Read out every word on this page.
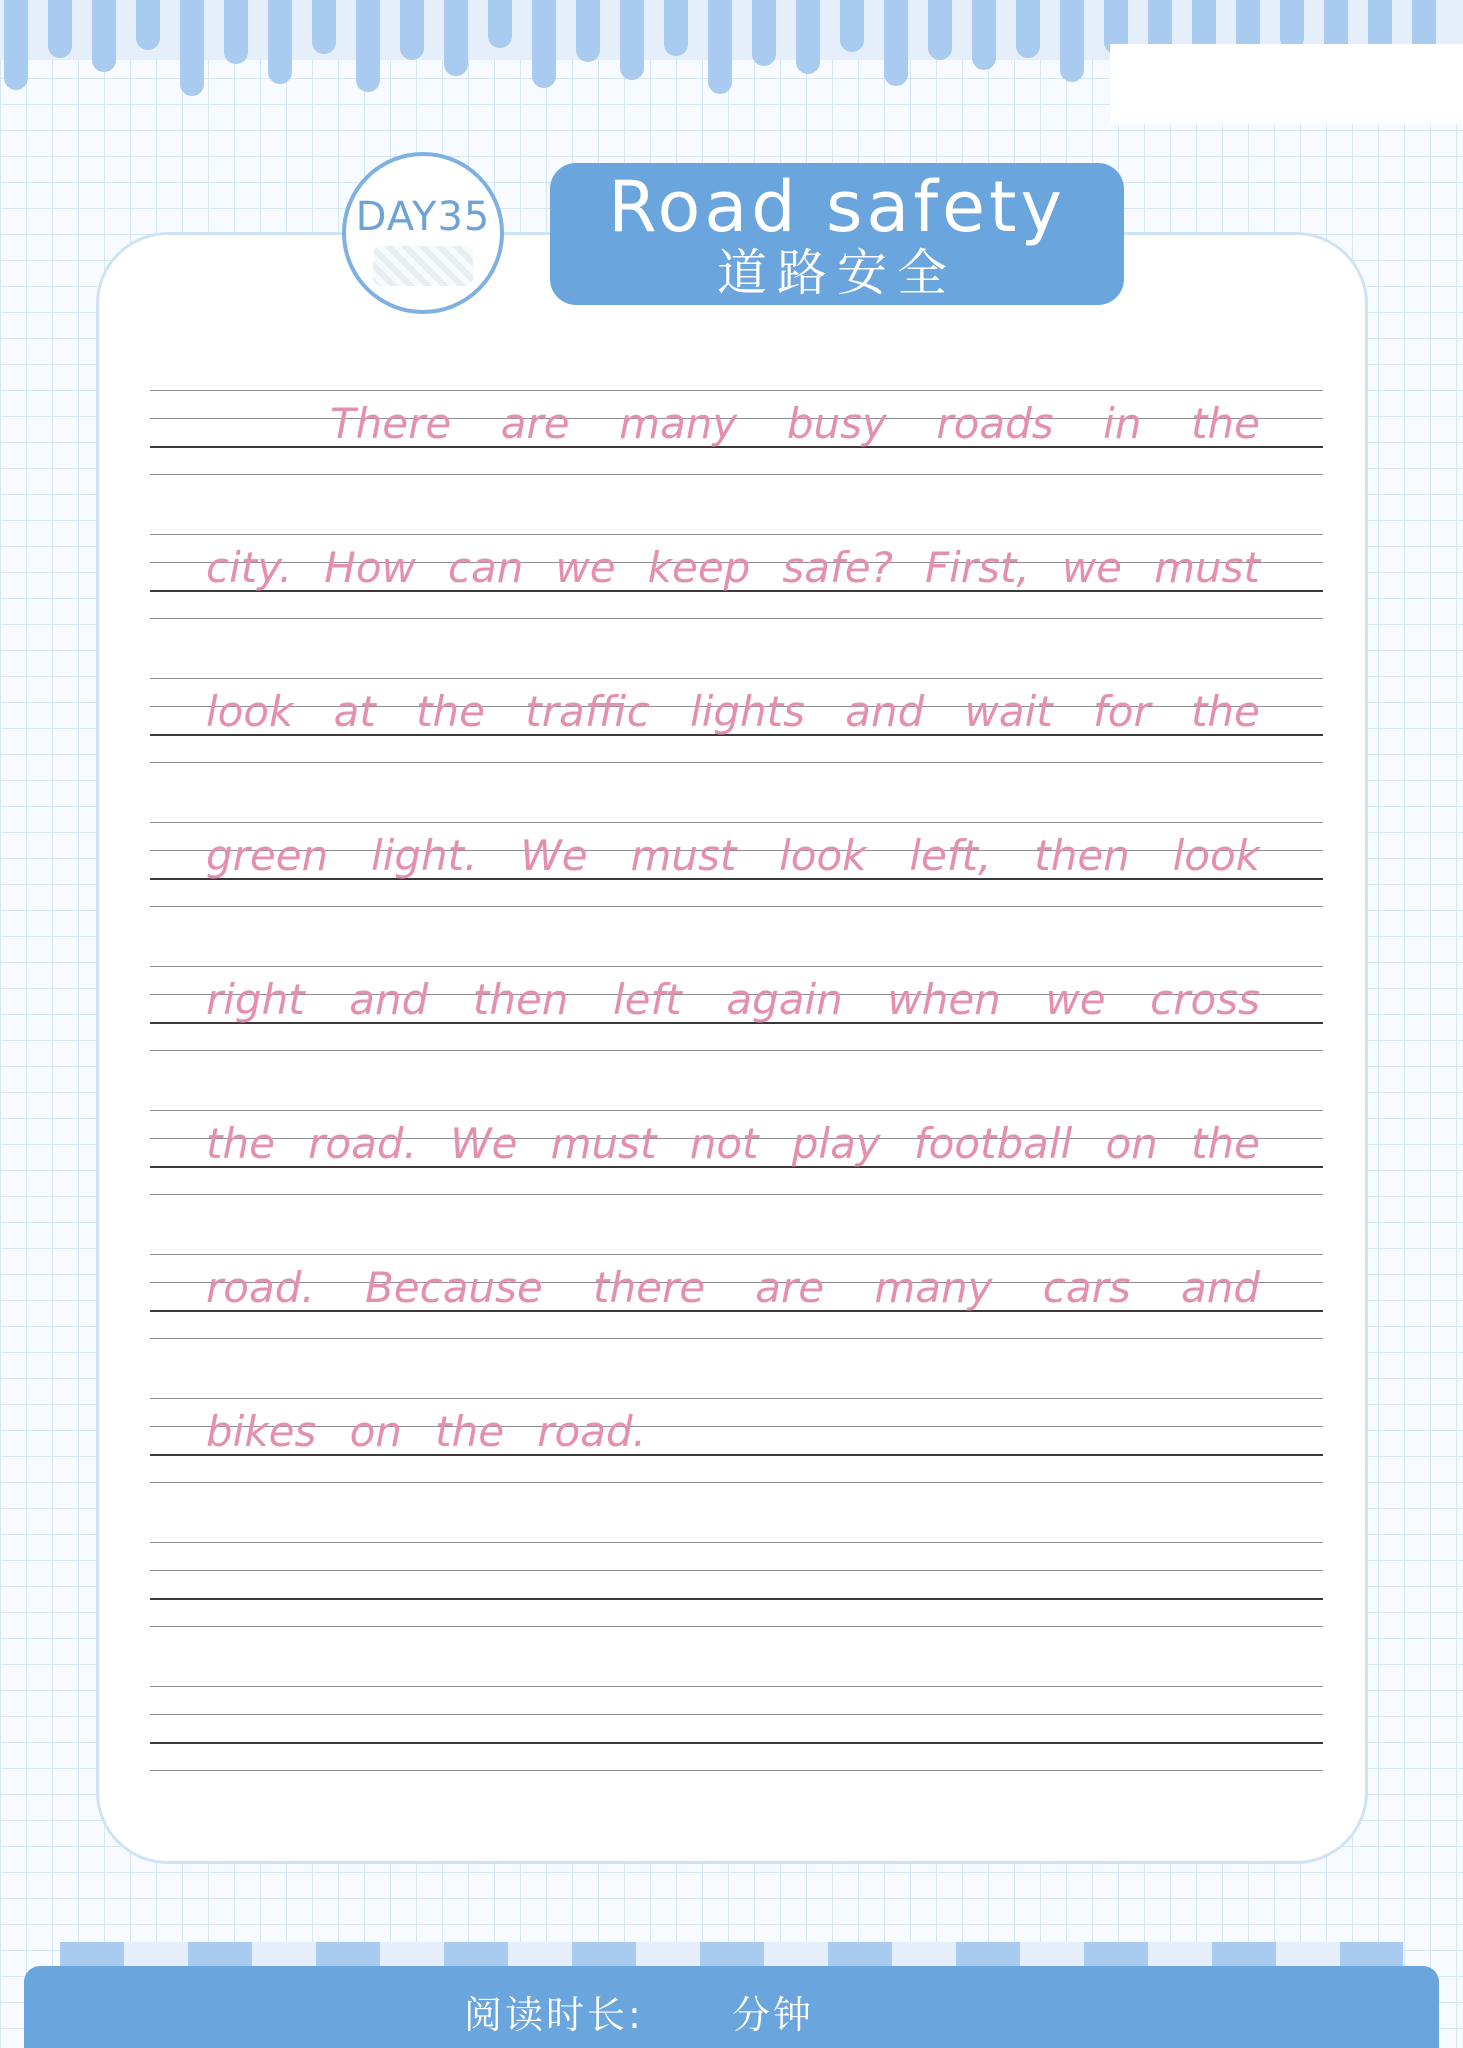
DAY35	Road safety
道路安全
There are many busy roads in the
city. How can we keep safe? First, we must
look at the traffic lights and wait for the
green light. We must look left, then look
right and then left again when we cross
the road. We must not play football on the
road. Because there are many cars and
bikes on the road.
阅读时长: 分钟
